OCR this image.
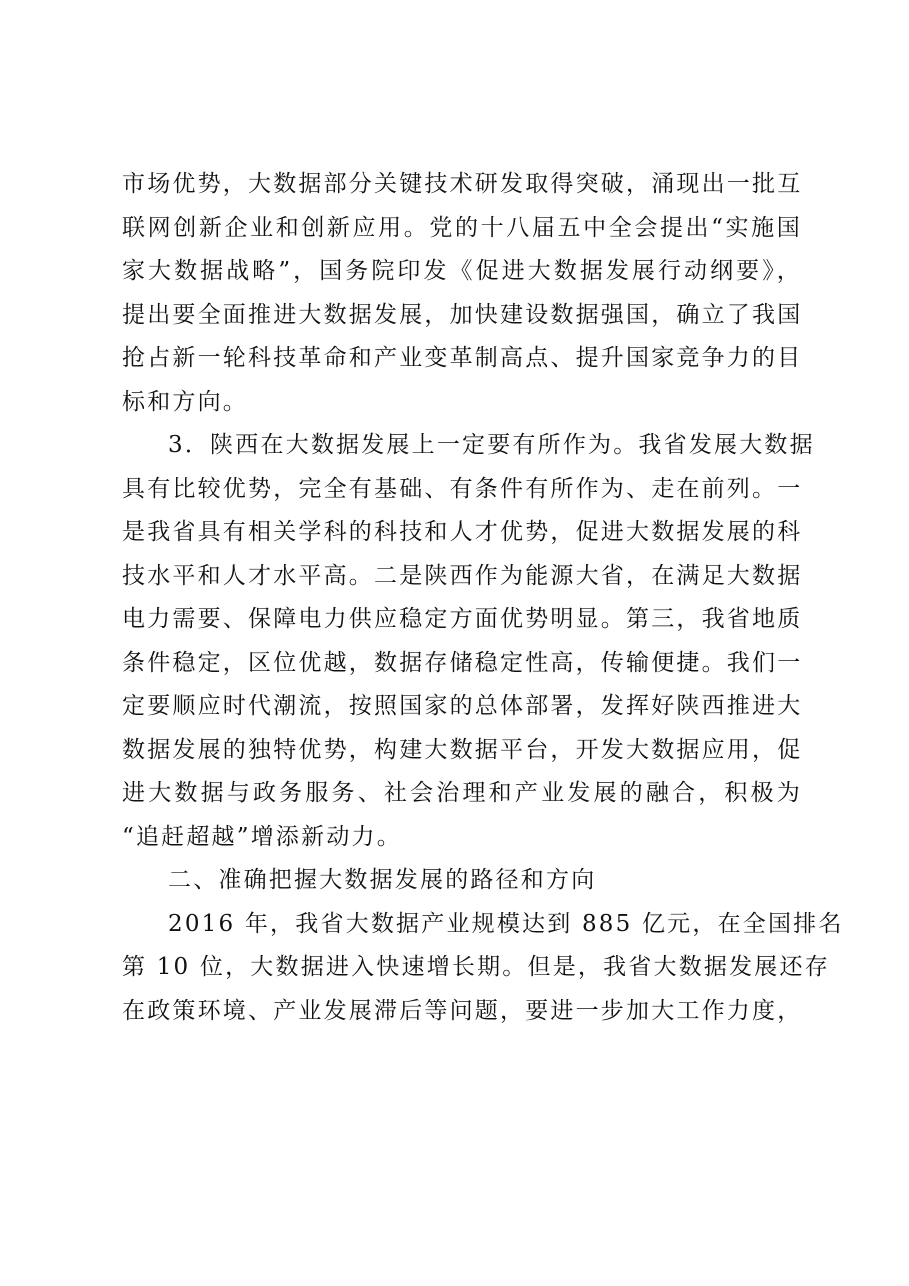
市场优势，大数据部分关键技术研发取得突破，涌现出一批互
联网创新企业和创新应用。党的十八届五中全会提出“实施国
家大数据战略”，国务院印发《促进大数据发展行动纲要》，
提出要全面推进大数据发展，加快建设数据强国，确立了我国
抢占新一轮科技革命和产业变革制高点、提升国家竞争力的目
标和方向。

3．陕西在大数据发展上一定要有所作为。我省发展大数据
具有比较优势，完全有基础、有条件有所作为、走在前列。一
是我省具有相关学科的科技和人才优势，促进大数据发展的科
技水平和人才水平高。二是陕西作为能源大省，在满足大数据
电力需要、保障电力供应稳定方面优势明显。第三，我省地质
条件稳定，区位优越，数据存储稳定性高，传输便捷。我们一
定要顺应时代潮流，按照国家的总体部署，发挥好陕西推进大
数据发展的独特优势，构建大数据平台，开发大数据应用，促
进大数据与政务服务、社会治理和产业发展的融合，积极为
“追赶超越”增添新动力。

二、准确把握大数据发展的路径和方向

2016 年，我省大数据产业规模达到 885 亿元，在全国排名
第 10 位，大数据进入快速增长期。但是，我省大数据发展还存
在政策环境、产业发展滞后等问题，要进一步加大工作力度，
